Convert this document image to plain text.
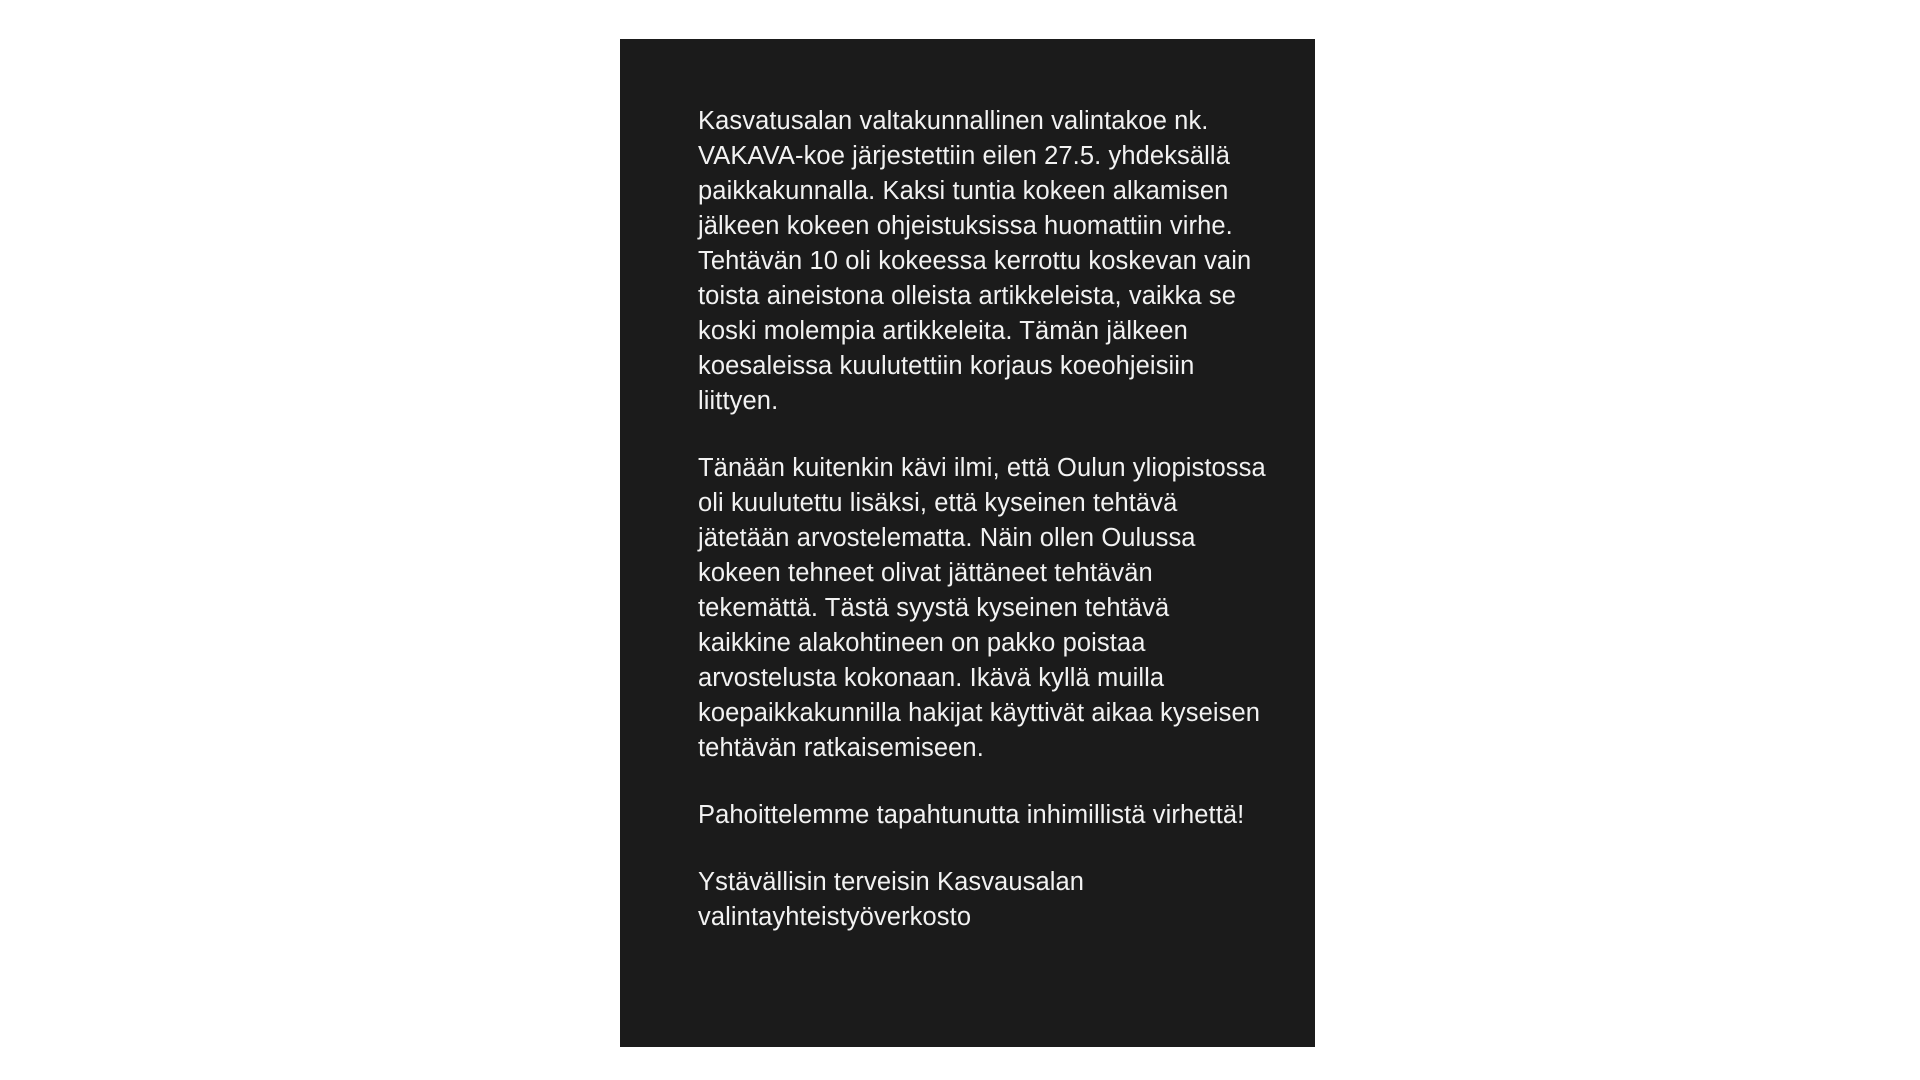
Kasvatusalan valtakunnallinen valintakoe nk. VAKAVA-koe järjestettiin eilen 27.5. yhdeksällä paikkakunnalla. Kaksi tuntia kokeen alkamisen jälkeen kokeen ohjeistuksissa huomattiin virhe. Tehtävän 10 oli kokeessa kerrottu koskevan vain toista aineistona olleista artikkeleista, vaikka se koski molempia artikkeleita. Tämän jälkeen koesaleissa kuulutettiin korjaus koeohjeisiin liittyen.

Tänään kuitenkin kävi ilmi, että Oulun yliopistossa oli kuulutettu lisäksi, että kyseinen tehtävä jätetään arvostelematta. Näin ollen Oulussa kokeen tehneet olivat jättäneet tehtävän tekemättä. Tästä syystä kyseinen tehtävä kaikkine alakohtineen on pakko poistaa arvostelusta kokonaan. Ikävä kyllä muilla koepaikkakunnilla hakijat käyttivät aikaa kyseisen tehtävän ratkaisemiseen.

Pahoittelemme tapahtunutta inhimillistä virhettä!

Ystävällisin terveisin Kasvausalan valintayhteistyöverkosto
